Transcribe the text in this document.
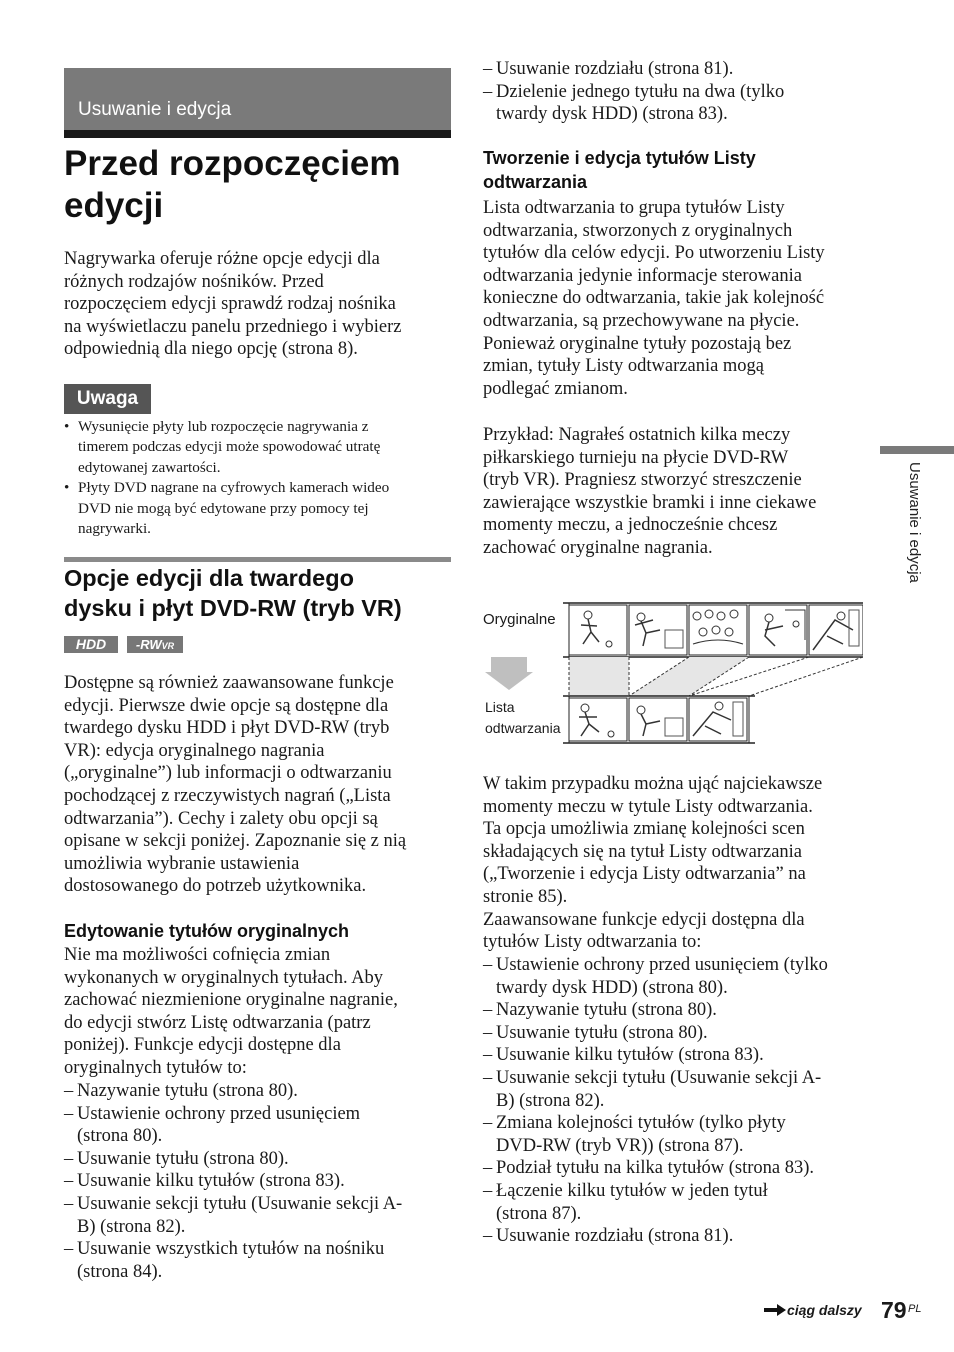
Usuwanie i edycja
Przed rozpoczęciem
edycji

Nagrywarka oferuje różne opcje edycji dla

różnych rodzajów nośników. Przed

rozpoczęciem edycji sprawdź rodzaj nośnika

na wyświetlaczu panelu przedniego i wybierz

odpowiednią dla niego opcję (strona 8).

Uwaga
• Wysunięcie płyty lub rozpoczęcie nagrywania z
timerem podczas edycji może spowodować utratę
edytowanej zawartości.
• Płyty DVD nagrane na cyfrowych kamerach wideo
DVD nie mogą być edytowane przy pomocy tej
nagrywarki.
Opcje edycji dla twardego
dysku i płyt DVD-RW (tryb VR)
HDD	-RWVR

Dostępne są również zaawansowane funkcje

edycji. Pierwsze dwie opcje są dostępne dla

twardego dysku HDD i płyt DVD-RW (tryb

VR): edycja oryginalnego nagrania

(„oryginalne”) lub informacji o odtwarzaniu

pochodzącej z rzeczywistych nagrań („Lista

odtwarzania”). Cechy i zalety obu opcji są

opisane w sekcji poniżej. Zapoznanie się z nią

umożliwia wybranie ustawienia

dostosowanego do potrzeb użytkownika.

Edytowanie tytułów oryginalnych

Nie ma możliwości cofnięcia zmian

wykonanych w oryginalnych tytułach. Aby

zachować niezmienione oryginalne nagranie,

do edycji stwórz Listę odtwarzania (patrz

poniżej). Funkcje edycji dostępne dla

oryginalnych tytułów to:

– Nazywanie tytułu (strona 80).
– Ustawienie ochrony przed usunięciem
(strona 80).
– Usuwanie tytułu (strona 80).
– Usuwanie kilku tytułów (strona 83).
– Usuwanie sekcji tytułu (Usuwanie sekcji A-
B) (strona 82).
– Usuwanie wszystkich tytułów na nośniku
(strona 84).
– Usuwanie rozdziału (strona 81).
– Dzielenie jednego tytułu na dwa (tylko
twardy dysk HDD) (strona 83).
Tworzenie i edycja tytułów Listy
odtwarzania

Lista odtwarzania to grupa tytułów Listy

odtwarzania, stworzonych z oryginalnych

tytułów dla celów edycji. Po utworzeniu Listy

odtwarzania jedynie informacje sterowania

konieczne do odtwarzania, takie jak kolejność

odtwarzania, są przechowywane na płycie.

Ponieważ oryginalne tytuły pozostają bez

zmian, tytuły Listy odtwarzania mogą

podlegać zmianom.

Przykład: Nagrałeś ostatnich kilka meczy

piłkarskiego turnieju na płycie DVD-RW

(tryb VR). Pragniesz stworzyć streszczenie

zawierające wszystkie bramki i inne ciekawe

momenty meczu, a jednocześnie chcesz

zachować oryginalne nagrania.

Oryginalne
Lista
odtwarzania

W takim przypadku można ująć najciekawsze

momenty meczu w tytule Listy odtwarzania.

Ta opcja umożliwia zmianę kolejności scen

składających się na tytuł Listy odtwarzania

(„Tworzenie i edycja Listy odtwarzania” na

stronie 85).

Zaawansowane funkcje edycji dostępna dla

tytułów Listy odtwarzania to:

– Ustawienie ochrony przed usunięciem (tylko
twardy dysk HDD) (strona 80).
– Nazywanie tytułu (strona 80).
– Usuwanie tytułu (strona 80).
– Usuwanie kilku tytułów (strona 83).
– Usuwanie sekcji tytułu (Usuwanie sekcji A-
B) (strona 82).
– Zmiana kolejności tytułów (tylko płyty
DVD-RW (tryb VR)) (strona 87).
– Podział tytułu na kilka tytułów (strona 83).
– Łączenie kilku tytułów w jeden tytuł
(strona 87).
– Usuwanie rozdziału (strona 81).
Usuwanie i edycja
ciąg dalszy 79 PL
